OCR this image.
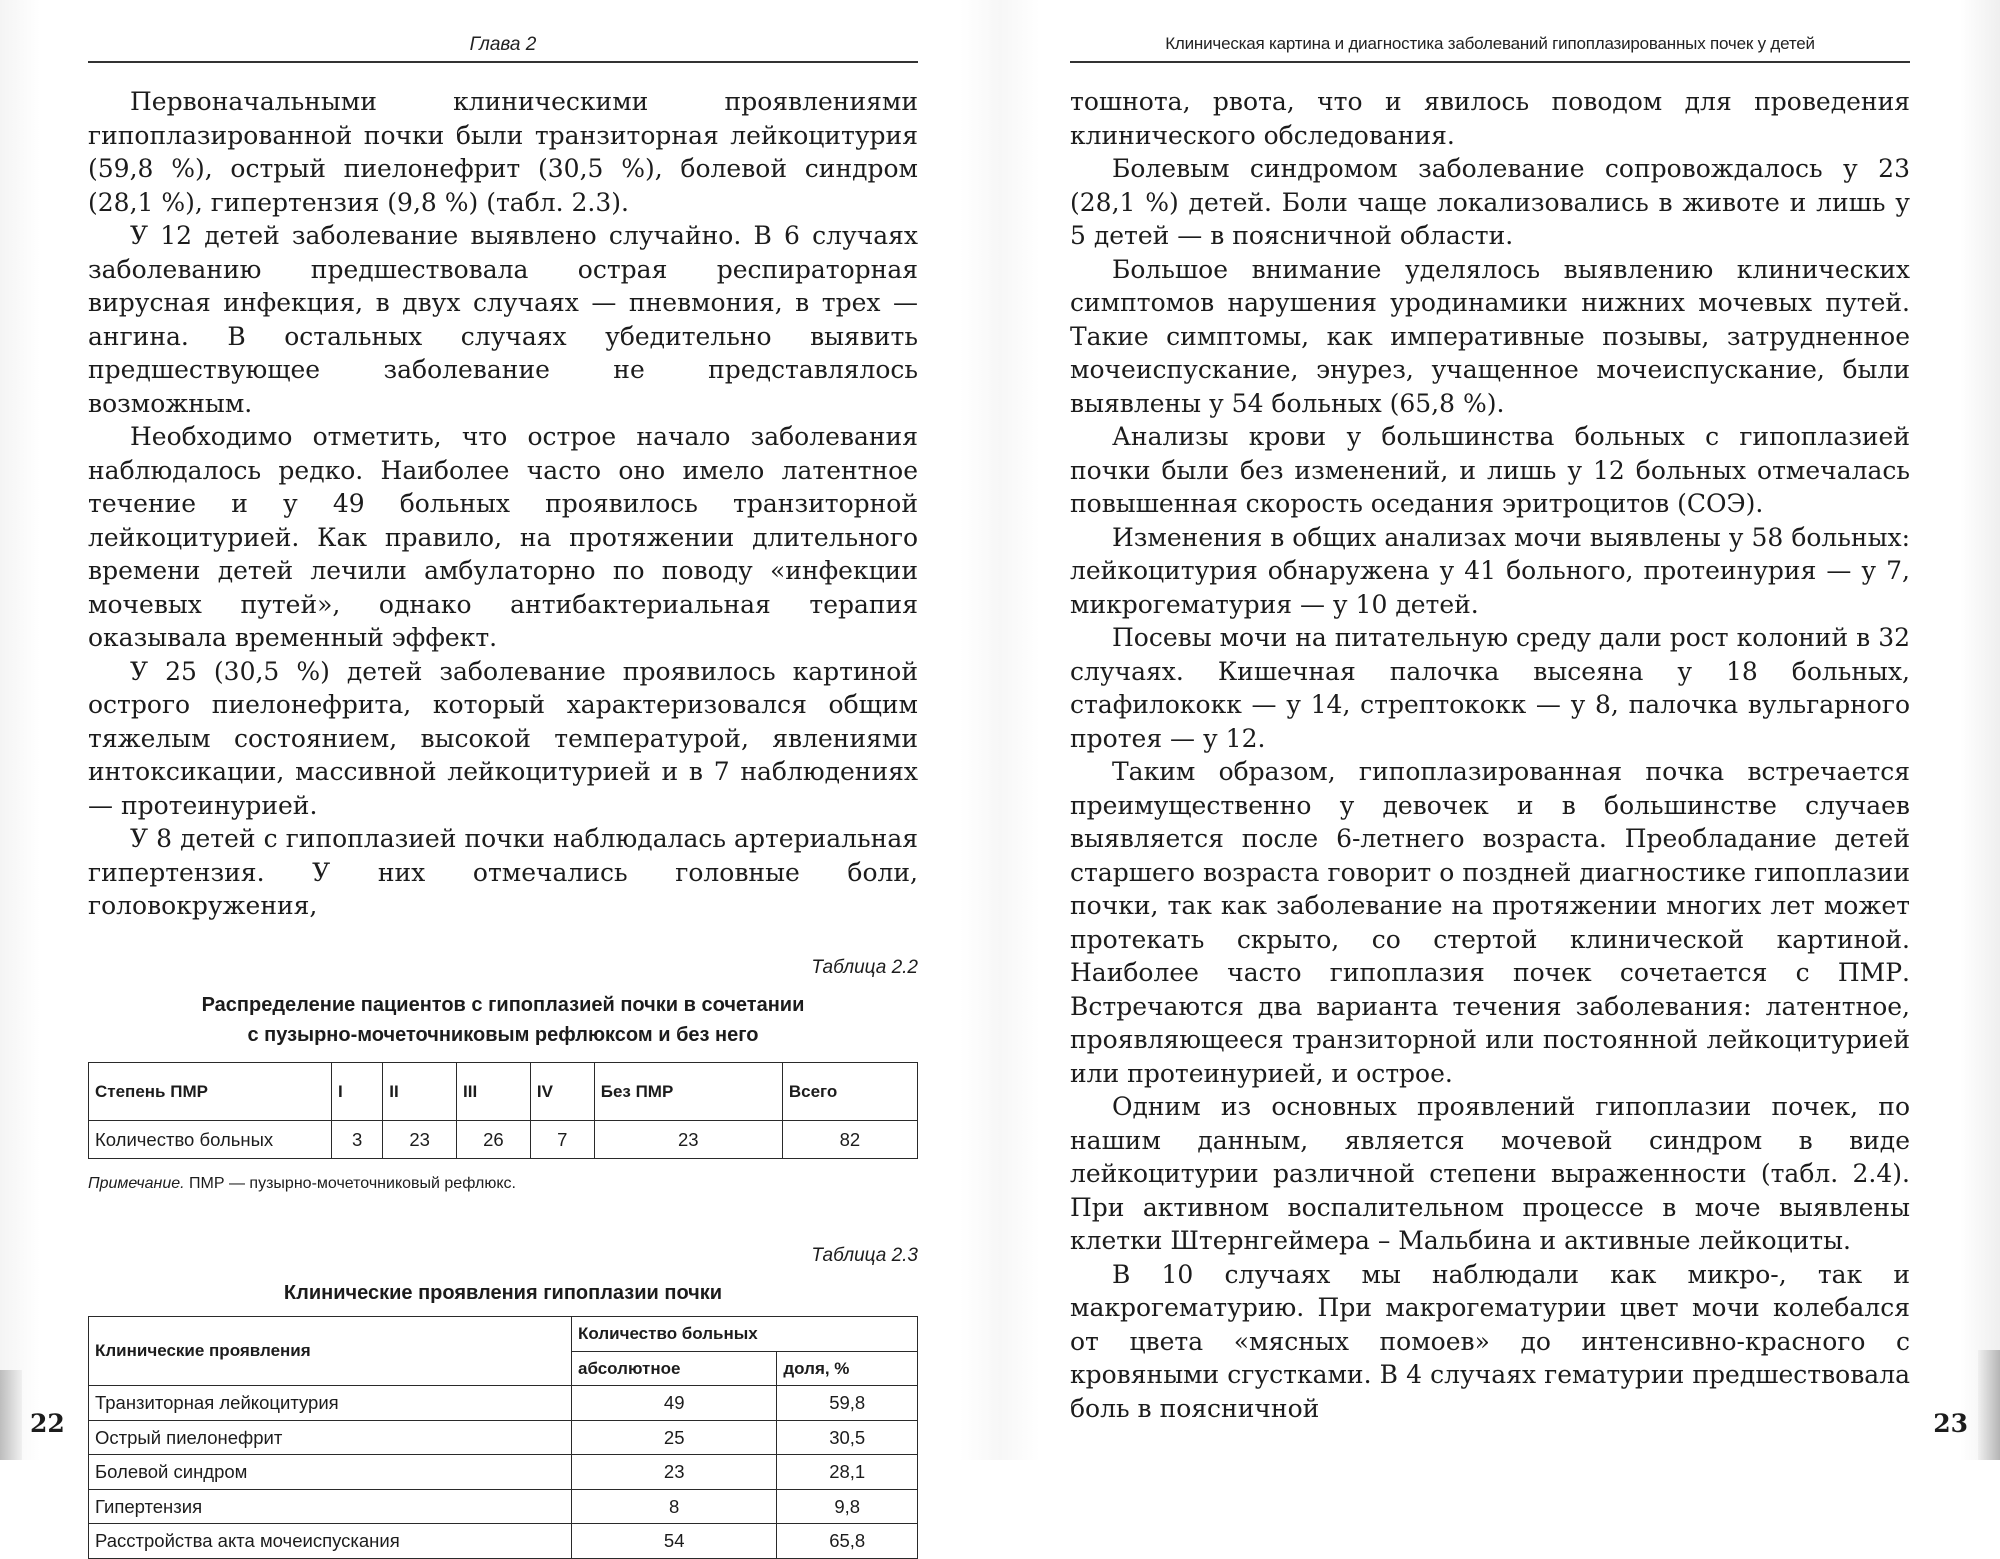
Глава 2

Первоначальными клиническими проявлениями гипоплазированной почки были транзиторная лейкоцитурия (59,8 %), острый пиелонефрит (30,5 %), болевой синдром (28,1 %), гипертензия (9,8 %) (табл. 2.3).

У 12 детей заболевание выявлено случайно. В 6 случаях заболеванию предшествовала острая респираторная вирусная инфекция, в двух случаях — пневмония, в трех — ангина. В остальных случаях убедительно выявить предшествующее заболевание не представлялось возможным.

Необходимо отметить, что острое начало заболевания наблюдалось редко. Наиболее часто оно имело латентное течение и у 49 больных проявилось транзиторной лейкоцитурией. Как правило, на протяжении длительного времени детей лечили амбулаторно по поводу «инфекции мочевых путей», однако антибактериальная терапия оказывала временный эффект.

У 25 (30,5 %) детей заболевание проявилось картиной острого пиелонефрита, который характеризовался общим тяжелым состоянием, высокой температурой, явлениями интоксикации, массивной лейкоцитурией и в 7 наблюдениях — протеинурией.

У 8 детей с гипоплазией почки наблюдалась артериальная гипертензия. У них отмечались головные боли, головокружения,

Таблица 2.2
Распределение пациентов с гипоплазией почки в сочетании
с пузырно-мочеточниковым рефлюксом и без него
Степень ПМР	I	II	III	IV	Без ПМР	Всего
Количество больных	3	23	26	7	23	82
Примечание. ПМР — пузырно-мочеточниковый рефлюкс.
Таблица 2.3
Клинические проявления гипоплазии почки
Клинические проявления	Количество больных	
	абсолютное	доля, %
Транзиторная лейкоцитурия	49	59,8
Острый пиелонефрит	25	30,5
Болевой синдром	23	28,1
Гипертензия	8	9,8
Расстройства акта мочеиспускания	54	65,8
22
Клиническая картина и диагностика заболеваний гипоплазированных почек у детей

тошнота, рвота, что и явилось поводом для проведения клинического обследования.

Болевым синдромом заболевание сопровождалось у 23 (28,1 %) детей. Боли чаще локализовались в животе и лишь у 5 детей — в поясничной области.

Большое внимание уделялось выявлению клинических симптомов нарушения уродинамики нижних мочевых путей. Такие симптомы, как императивные позывы, затрудненное мочеиспускание, энурез, учащенное мочеиспускание, были выявлены у 54 больных (65,8 %).

Анализы крови у большинства больных с гипоплазией почки были без изменений, и лишь у 12 больных отмечалась повышенная скорость оседания эритроцитов (СОЭ).

Изменения в общих анализах мочи выявлены у 58 больных: лейкоцитурия обнаружена у 41 больного, протеинурия — у 7, микрогематурия — у 10 детей.

Посевы мочи на питательную среду дали рост колоний в 32 случаях. Кишечная палочка высеяна у 18 больных, стафилококк — у 14, стрептококк — у 8, палочка вульгарного протея — у 12.

Таким образом, гипоплазированная почка встречается преимущественно у девочек и в большинстве случаев выявляется после 6-летнего возраста. Преобладание детей старшего возраста говорит о поздней диагностике гипоплазии почки, так как заболевание на протяжении многих лет может протекать скрыто, со стертой клинической картиной. Наиболее часто гипоплазия почек сочетается с ПМР. Встречаются два варианта течения заболевания: латентное, проявляющееся транзиторной или постоянной лейкоцитурией или протеинурией, и острое.

Одним из основных проявлений гипоплазии почек, по нашим данным, является мочевой синдром в виде лейкоцитурии различной степени выраженности (табл. 2.4). При активном воспалительном процессе в моче выявлены клетки Штернгеймера – Мальбина и активные лейкоциты.

В 10 случаях мы наблюдали как микро-, так и макрогематурию. При макрогематурии цвет мочи колебался от цвета «мясных помоев» до интенсивно-красного с кровяными сгустками. В 4 случаях гематурии предшествовала боль в поясничной

23
